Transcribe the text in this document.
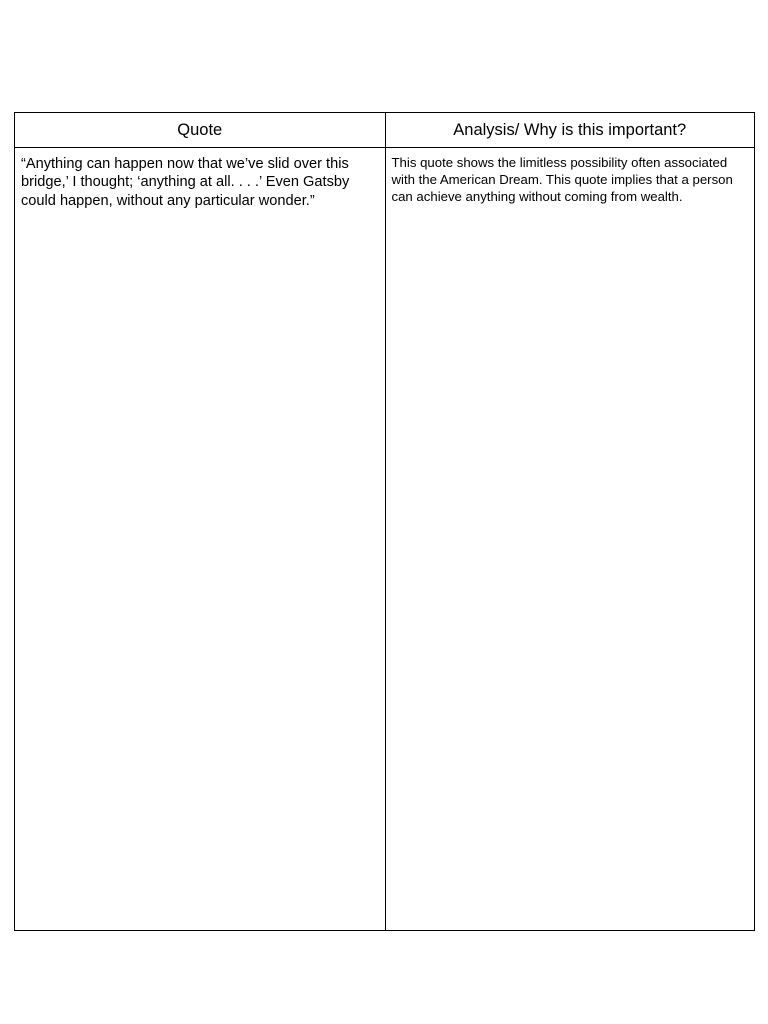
Quote	Analysis/ Why is this important?

“Anything can happen now that we’ve slid over this bridge,’ I thought; ‘anything at all. . . .’ Even Gatsby could happen, without any particular wonder.”	This quote shows the limitless possibility often associated with the American Dream. This quote implies that a person can achieve anything without coming from wealth.
